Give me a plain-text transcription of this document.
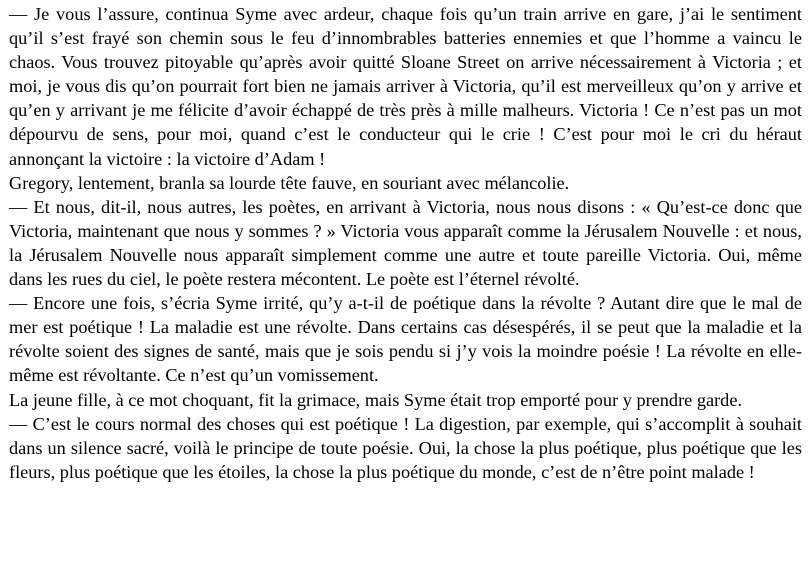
— Je vous l’assure, continua Syme avec ardeur, chaque fois qu’un train arrive en gare, j’ai le sentiment qu’il s’est frayé son chemin sous le feu d’innombrables batteries ennemies et que l’homme a vaincu le chaos. Vous trouvez pitoyable qu’après avoir quitté Sloane Street on arrive nécessairement à Victoria ; et moi, je vous dis qu’on pourrait fort bien ne jamais arriver à Victoria, qu’il est merveilleux qu’on y arrive et qu’en y arrivant je me félicite d’avoir échappé de très près à mille malheurs. Victoria ! Ce n’est pas un mot dépourvu de sens, pour moi, quand c’est le conducteur qui le crie ! C’est pour moi le cri du héraut annonçant la victoire : la victoire d’Adam !

Gregory, lentement, branla sa lourde tête fauve, en souriant avec mélancolie.

— Et nous, dit-il, nous autres, les poètes, en arrivant à Victoria, nous nous disons : « Qu’est-ce donc que Victoria, maintenant que nous y sommes ? » Victoria vous apparaît comme la Jérusalem Nouvelle : et nous, la Jérusalem Nouvelle nous apparaît simplement comme une autre et toute pareille Victoria. Oui, même dans les rues du ciel, le poète restera mécontent. Le poète est l’éternel révolté.

— Encore une fois, s’écria Syme irrité, qu’y a-t-il de poétique dans la révolte ? Autant dire que le mal de mer est poétique ! La maladie est une révolte. Dans certains cas désespérés, il se peut que la maladie et la révolte soient des signes de santé, mais que je sois pendu si j’y vois la moindre poésie ! La révolte en elle-même est révoltante. Ce n’est qu’un vomissement.

La jeune fille, à ce mot choquant, fit la grimace, mais Syme était trop emporté pour y prendre garde.

— C’est le cours normal des choses qui est poétique ! La digestion, par exemple, qui s’accomplit à souhait dans un silence sacré, voilà le principe de toute poésie. Oui, la chose la plus poétique, plus poétique que les fleurs, plus poétique que les étoiles, la chose la plus poétique du monde, c’est de n’être point malade !
